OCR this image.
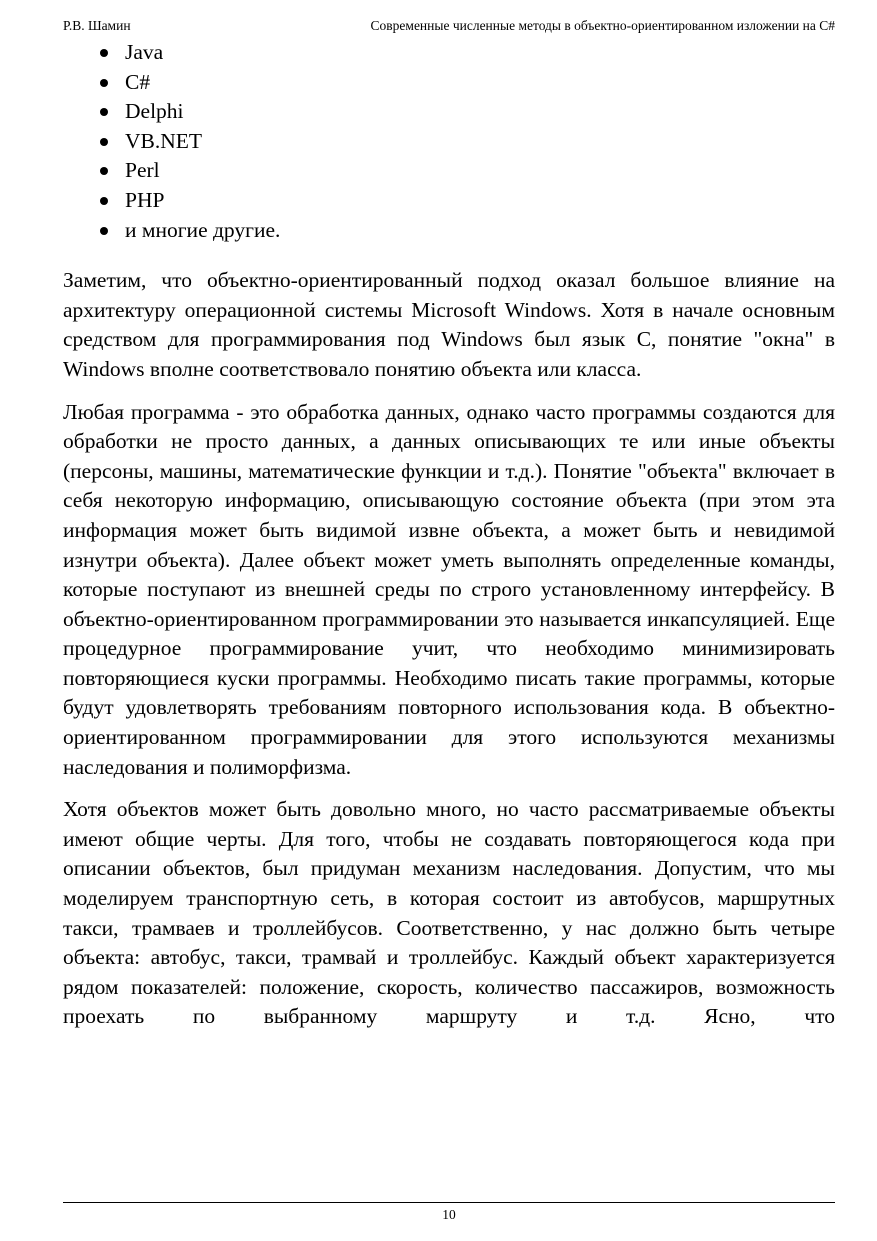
Р.В. Шамин	Современные численные методы в объектно-ориентированном изложении на C#
Java
C#
Delphi
VB.NET
Perl
PHP
и многие другие.

Заметим, что объектно-ориентированный подход оказал большое влияние на архитектуру операционной системы Microsoft Windows. Хотя в начале основным средством для программирования под Windows был язык C, понятие "окна" в Windows вполне соответствовало понятию объекта или класса.

Любая программа - это обработка данных, однако часто программы создаются для обработки не просто данных, а данных описывающих те или иные объекты (персоны, машины, математические функции и т.д.). Понятие "объекта" включает в себя некоторую информацию, описывающую состояние объекта (при этом эта информация может быть видимой извне объекта, а может быть и невидимой изнутри объекта). Далее объект может уметь выполнять определенные команды, которые поступают из внешней среды по строго установленному интерфейсу. В объектно-ориентированном программировании это называется инкапсуляцией. Еще процедурное программирование учит, что необходимо минимизировать повторяющиеся куски программы. Необходимо писать такие программы, которые будут удовлетворять требованиям повторного использования кода. В объектно-ориентированном программировании для этого используются механизмы наследования и полиморфизма.

Хотя объектов может быть довольно много, но часто рассматриваемые объекты имеют общие черты. Для того, чтобы не создавать повторяющегося кода при описании объектов, был придуман механизм наследования. Допустим, что мы моделируем транспортную сеть, в которая состоит из автобусов, маршрутных такси, трамваев и троллейбусов. Соответственно, у нас должно быть четыре объекта: автобус, такси, трамвай и троллейбус. Каждый объект характеризуется рядом показателей: положение, скорость, количество пассажиров, возможность проехать по выбранному маршруту и т.д. Ясно, что

10
